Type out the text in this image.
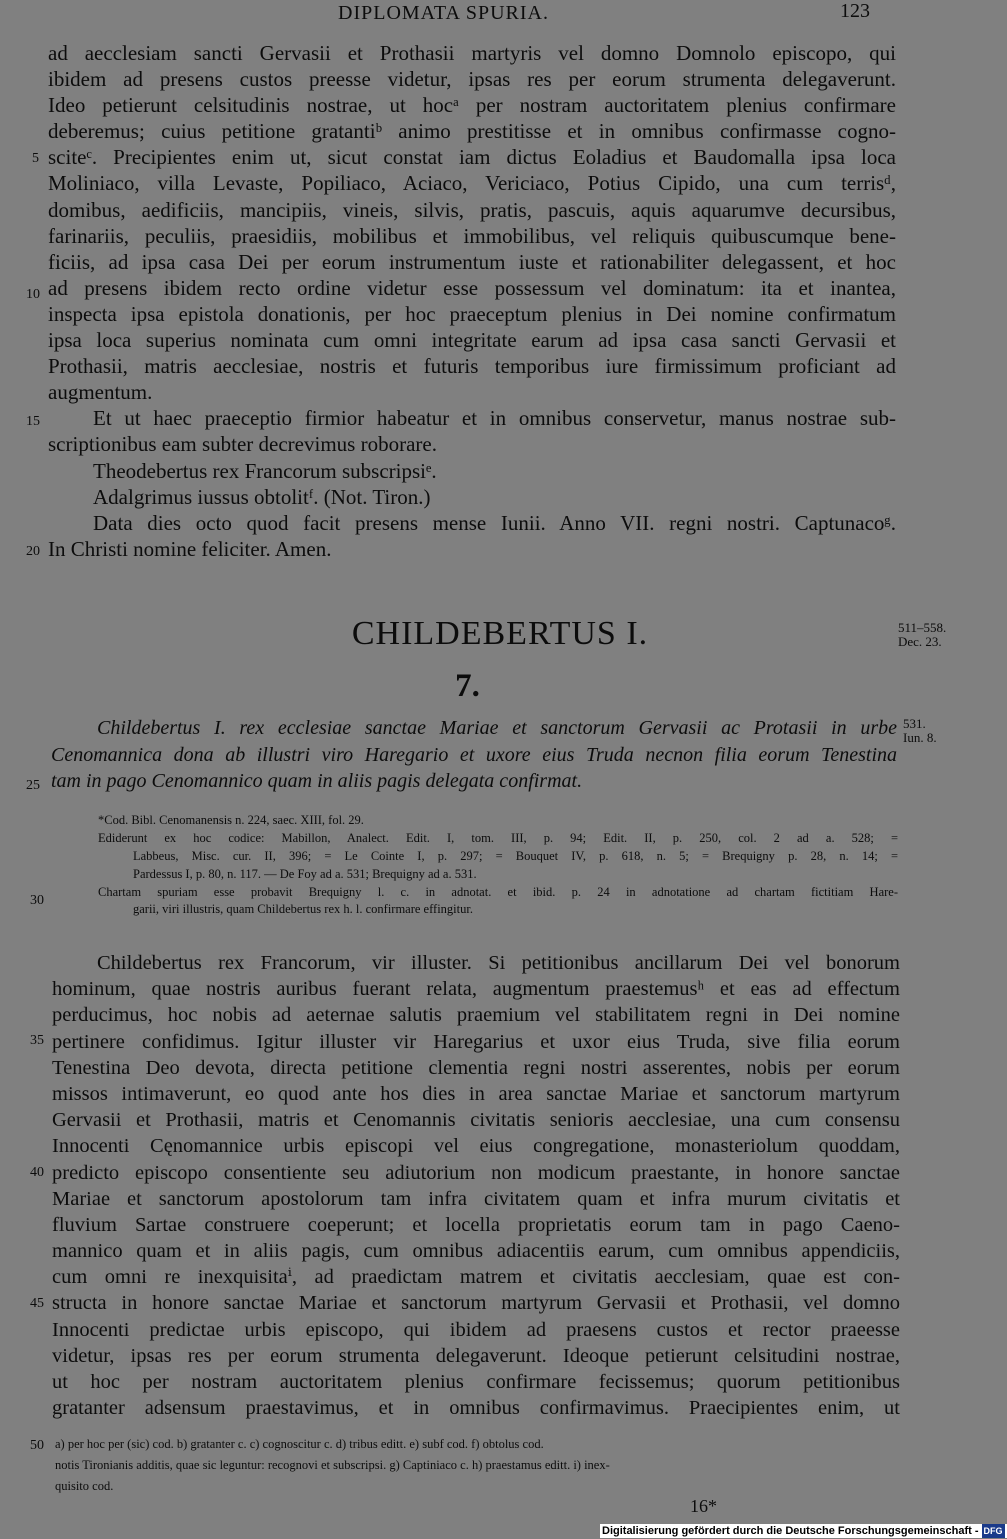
DIPLOMATA SPURIA.	123
ad aecclesiam sancti Gervasii et Prothasii martyris vel domno Domnolo episcopo, qui
ibidem ad presens custos preesse videtur, ipsas res per eorum strumenta delegaverunt.
Ideo petierunt celsitudinis nostrae, ut hocᵃ per nostram auctoritatem plenius confirmare
deberemus; cuius petitione gratantiᵇ animo prestitisse et in omnibus confirmasse cogno-
sciteᶜ. Precipientes enim ut, sicut constat iam dictus Eoladius et Baudomalla ipsa loca
Moliniaco, villa Levaste, Popiliaco, Aciaco, Vericiaco, Potius Cipido, una cum terrisᵈ,
domibus, aedificiis, mancipiis, vineis, silvis, pratis, pascuis, aquis aquarumve decursibus,
farinariis, peculiis, praesidiis, mobilibus et immobilibus, vel reliquis quibuscumque bene-
ficiis, ad ipsa casa Dei per eorum instrumentum iuste et rationabiliter delegassent, et hoc
ad presens ibidem recto ordine videtur esse possessum vel dominatum: ita et inantea,
inspecta ipsa epistola donationis, per hoc praeceptum plenius in Dei nomine confirmatum
ipsa loca superius nominata cum omni integritate earum ad ipsa casa sancti Gervasii et
Prothasii, matris aecclesiae, nostris et futuris temporibus iure firmissimum proficiant ad
augmentum.
Et ut haec praeceptio firmior habeatur et in omnibus conservetur, manus nostrae sub-
scriptionibus eam subter decrevimus roborare.
Theodebertus rex Francorum subscripsiᵉ.
Adalgrimus iussus obtolitᶠ. (Not. Tiron.)
Data dies octo quod facit presens mense Iunii. Anno VII. regni nostri. Captunacoᵍ.
In Christi nomine feliciter. Amen.
5
10
15
20
CHILDEBERTUS I.	511–558.
Dec. 23.
7.
531.
Iun. 8.
Childebertus I. rex ecclesiae sanctae Mariae et sanctorum Gervasii ac Protasii in urbe
Cenomannica dona ab illustri viro Haregario et uxore eius Truda necnon filia eorum Tenestina
tam in pago Cenomannico quam in aliis pagis delegata confirmat.
25
*Cod. Bibl. Cenomanensis n. 224, saec. XIII, fol. 29.
Ediderunt ex hoc codice: Mabillon, Analect. Edit. I, tom. III, p. 94; Edit. II, p. 250, col. 2 ad a. 528; =
Labbeus, Misc. cur. II, 396; = Le Cointe I, p. 297; = Bouquet IV, p. 618, n. 5; = Brequigny p. 28, n. 14; =
Pardessus I, p. 80, n. 117. — De Foy ad a. 531; Brequigny ad a. 531.
Chartam spuriam esse probavit Brequigny l. c. in adnotat. et ibid. p. 24 in adnotatione ad chartam fictitiam Hare-
garii, viri illustris, quam Childebertus rex h. l. confirmare effingitur.
30
Childebertus rex Francorum, vir illuster. Si petitionibus ancillarum Dei vel bonorum
hominum, quae nostris auribus fuerant relata, augmentum praestemusʰ et eas ad effectum
perducimus, hoc nobis ad aeternae salutis praemium vel stabilitatem regni in Dei nomine
pertinere confidimus. Igitur illuster vir Haregarius et uxor eius Truda, sive filia eorum
Tenestina Deo devota, directa petitione clementia regni nostri asserentes, nobis per eorum
missos intimaverunt, eo quod ante hos dies in area sanctae Mariae et sanctorum martyrum
Gervasii et Prothasii, matris et Cenomannis civitatis senioris aecclesiae, una cum consensu
Innocenti Cęnomannice urbis episcopi vel eius congregatione, monasteriolum quoddam,
predicto episcopo consentiente seu adiutorium non modicum praestante, in honore sanctae
Mariae et sanctorum apostolorum tam infra civitatem quam et infra murum civitatis et
fluvium Sartae construere coeperunt; et locella proprietatis eorum tam in pago Caeno-
mannico quam et in aliis pagis, cum omnibus adiacentiis earum, cum omnibus appendiciis,
cum omni re inexquisitaⁱ, ad praedictam matrem et civitatis aecclesiam, quae est con-
structa in honore sanctae Mariae et sanctorum martyrum Gervasii et Prothasii, vel domno
Innocenti predictae urbis episcopo, qui ibidem ad praesens custos et rector praeesse
videtur, ipsas res per eorum strumenta delegaverunt. Ideoque petierunt celsitudini nostrae,
ut hoc per nostram auctoritatem plenius confirmare fecissemus; quorum petitionibus
gratanter adsensum praestavimus, et in omnibus confirmavimus. Praecipientes enim, ut
35
40
45
50 a) per hoc per (sic) cod. b) gratanter c. c) cognoscitur c. d) tribus editt. e) subf cod. f) obtolus cod.
notis Tironianis additis, quae sic leguntur: recognovi et subscripsi. g) Captiniaco c. h) praestamus editt. i) inex-
quisito cod.
16*
Digitalisierung gefördert durch die Deutsche Forschungsgemeinschaft - DFG
